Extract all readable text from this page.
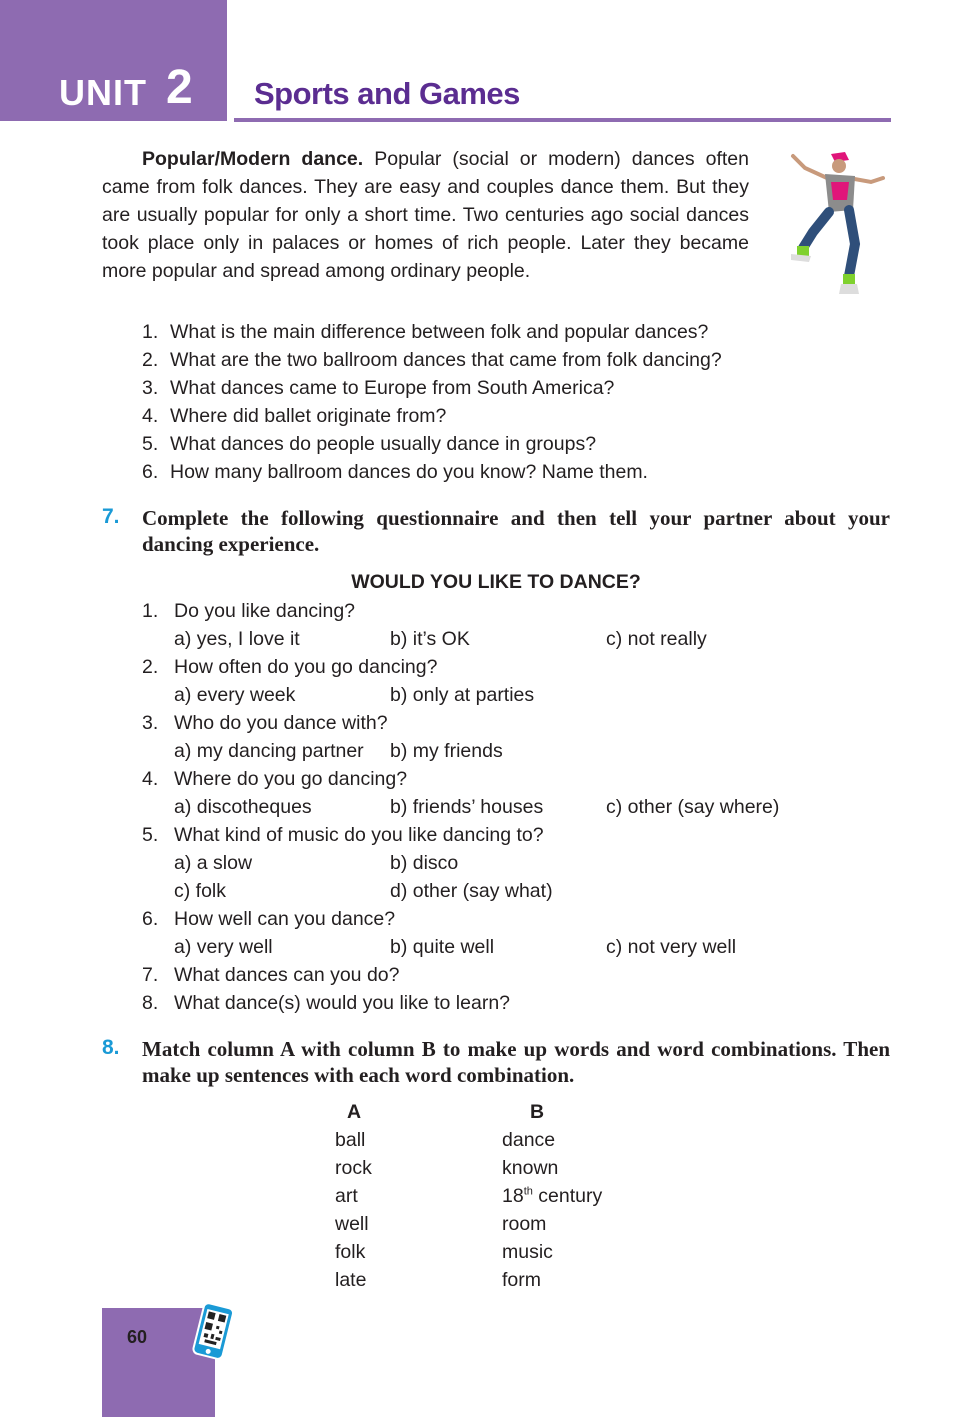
UNIT 2 Sports and Games
Popular/Modern dance. Popular (social or modern) dances often came from folk dances. They are easy and couples dance them. But they are usually popular for only a short time. Two centuries ago social dances took place only in palaces or homes of rich people. Later they became more popular and spread among ordinary people.
1. What is the main difference between folk and popular dances?
2. What are the two ballroom dances that came from folk dancing?
3. What dances came to Europe from South America?
4. Where did ballet originate from?
5. What dances do people usually dance in groups?
6. How many ballroom dances do you know? Name them.
7. Complete the following questionnaire and then tell your partner about your dancing experience.
WOULD YOU LIKE TO DANCE?
1. Do you like dancing?
a) yes, I love it	b) it’s OK	c) not really
2. How often do you go dancing?
a) every week	b) only at parties
3. Who do you dance with?
a) my dancing partner b) my friends
4. Where do you go dancing?
a) discotheques	b) friends’ houses	c) other (say where)
5. What kind of music do you like dancing to?
a) a slow	b) disco
c) folk	d) other (say what)
6. How well can you dance?
a) very well	b) quite well	c) not very well
7. What dances can you do?
8. What dance(s) would you like to learn?
8. Match column A with column B to make up words and word combinations. Then make up sentences with each word combination.
A	B
ball	dance
rock	known
art	18th century
well	room
folk	music
late	form
60
